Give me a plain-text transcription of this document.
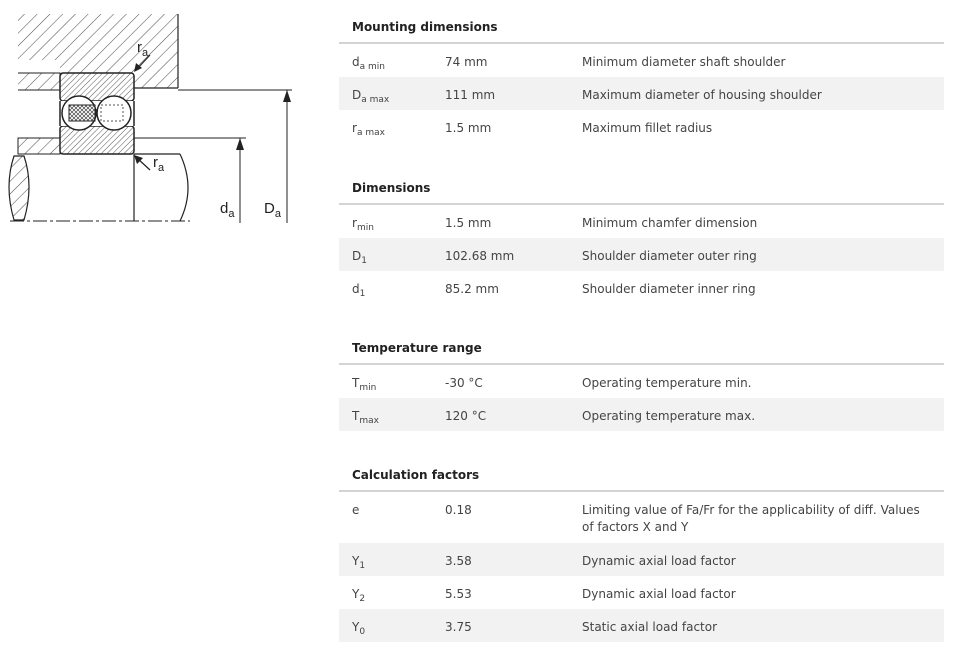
$r_a$
$r_a$
$d_a$ $D_a$
Mounting dimensions
$d_{a min}$	74 mm	Minimum diameter shaft shoulder
$D_{a max}$	111 mm	Maximum diameter of housing shoulder
$r_{a max}$	1.5 mm	Maximum fillet radius
Dimensions
$r_{min}$	1.5 mm	Minimum chamfer dimension
$D_1$	102.68 mm	Shoulder diameter outer ring
$d_1$	85.2 mm	Shoulder diameter inner ring
Temperature range
$T_{min}$	-30 °C	Operating temperature min.
$T_{max}$	120 °C	Operating temperature max.
Calculation factors
e	0.18	Limiting value of Fa/Fr for the applicability of diff. Values of factors X and Y
$Y_1$	3.58	Dynamic axial load factor
$Y_2$	5.53	Dynamic axial load factor
$Y_0$	3.75	Static axial load factor
